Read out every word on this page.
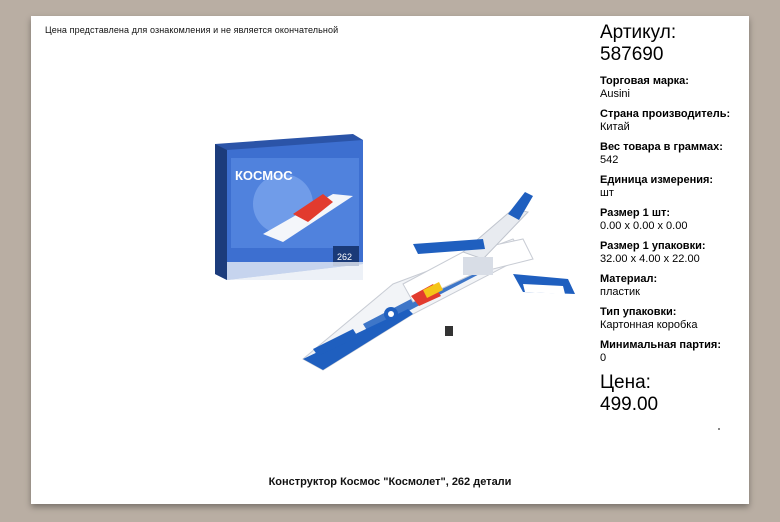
Цена представлена для ознакомления и не является окончательной
КОСМОС
262
Артикул:
587690
Торговая марка:
Ausini
Страна производитель:
Китай
Вес товара в граммах:
542
Единица измерения:
шт
Размер 1 шт:
0.00 x 0.00 x 0.00
Размер 1 упаковки:
32.00 x 4.00 x 22.00
Материал:
пластик
Тип упаковки:
Картонная коробка
Минимальная партия:
0
Цена:
499.00
Конструктор Космос "Космолет", 262 детали
